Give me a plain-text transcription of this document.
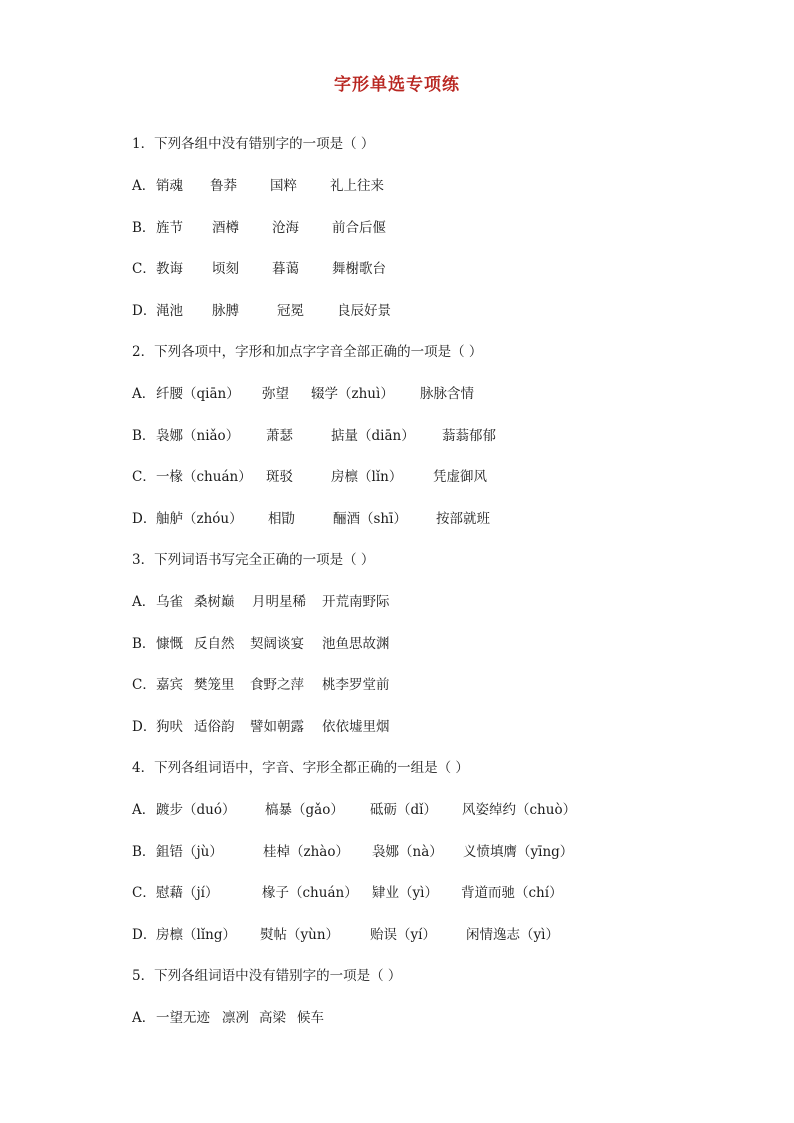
字形单选专项练
1．下列各组中没有错别字的一项是（ ）
A． 销魂 鲁莽 国粹 礼上往来
B． 旌节 酒樽 沧海 前合后偃
C． 教诲 顷刻 暮蔼 舞榭歌台
D． 渑池 脉膊	冠冕 良辰好景
2．下列各项中，字形和加点字字音全部正确的一项是（ ）
A． 纤腰（qiān） 弥望 辍学（zhuì） 脉脉含情
B． 袅娜（niǎo） 萧瑟	掂量（diān） 蓊蓊郁郁
C． 一椽（chuán） 斑驳	房檩（lǐn） 凭虚御风
D． 舳舻（zhóu） 相勖	酾酒（shī） 按部就班
3．下列词语书写完全正确的一项是（ ）
A． 乌雀 桑树巅 月明星稀 开荒南野际
B． 慷慨 反自然 契阔谈宴 池鱼思故渊
C． 嘉宾 樊笼里 食野之萍 桃李罗堂前
D． 狗吠 适俗韵 譬如朝露 依依墟里烟
4．下列各组词语中，字音、字形全都正确的一组是（ ）
A． 踱步（duó） 槁暴（gǎo） 砥砺（dǐ） 风姿绰约（chuò）
B． 鉏铻（jù）	桂棹（zhào） 袅娜（nà） 义愤填膺（yīng）
C． 慰藉（jí）	椽子（chuán） 肄业（yì） 背道而驰（chí）
D． 房檩（lǐng） 熨帖（yùn） 贻误（yí） 闲情逸志（yì）
5．下列各组词语中没有错别字的一项是（ ）
A． 一望无迹 凛冽 高梁 候车
